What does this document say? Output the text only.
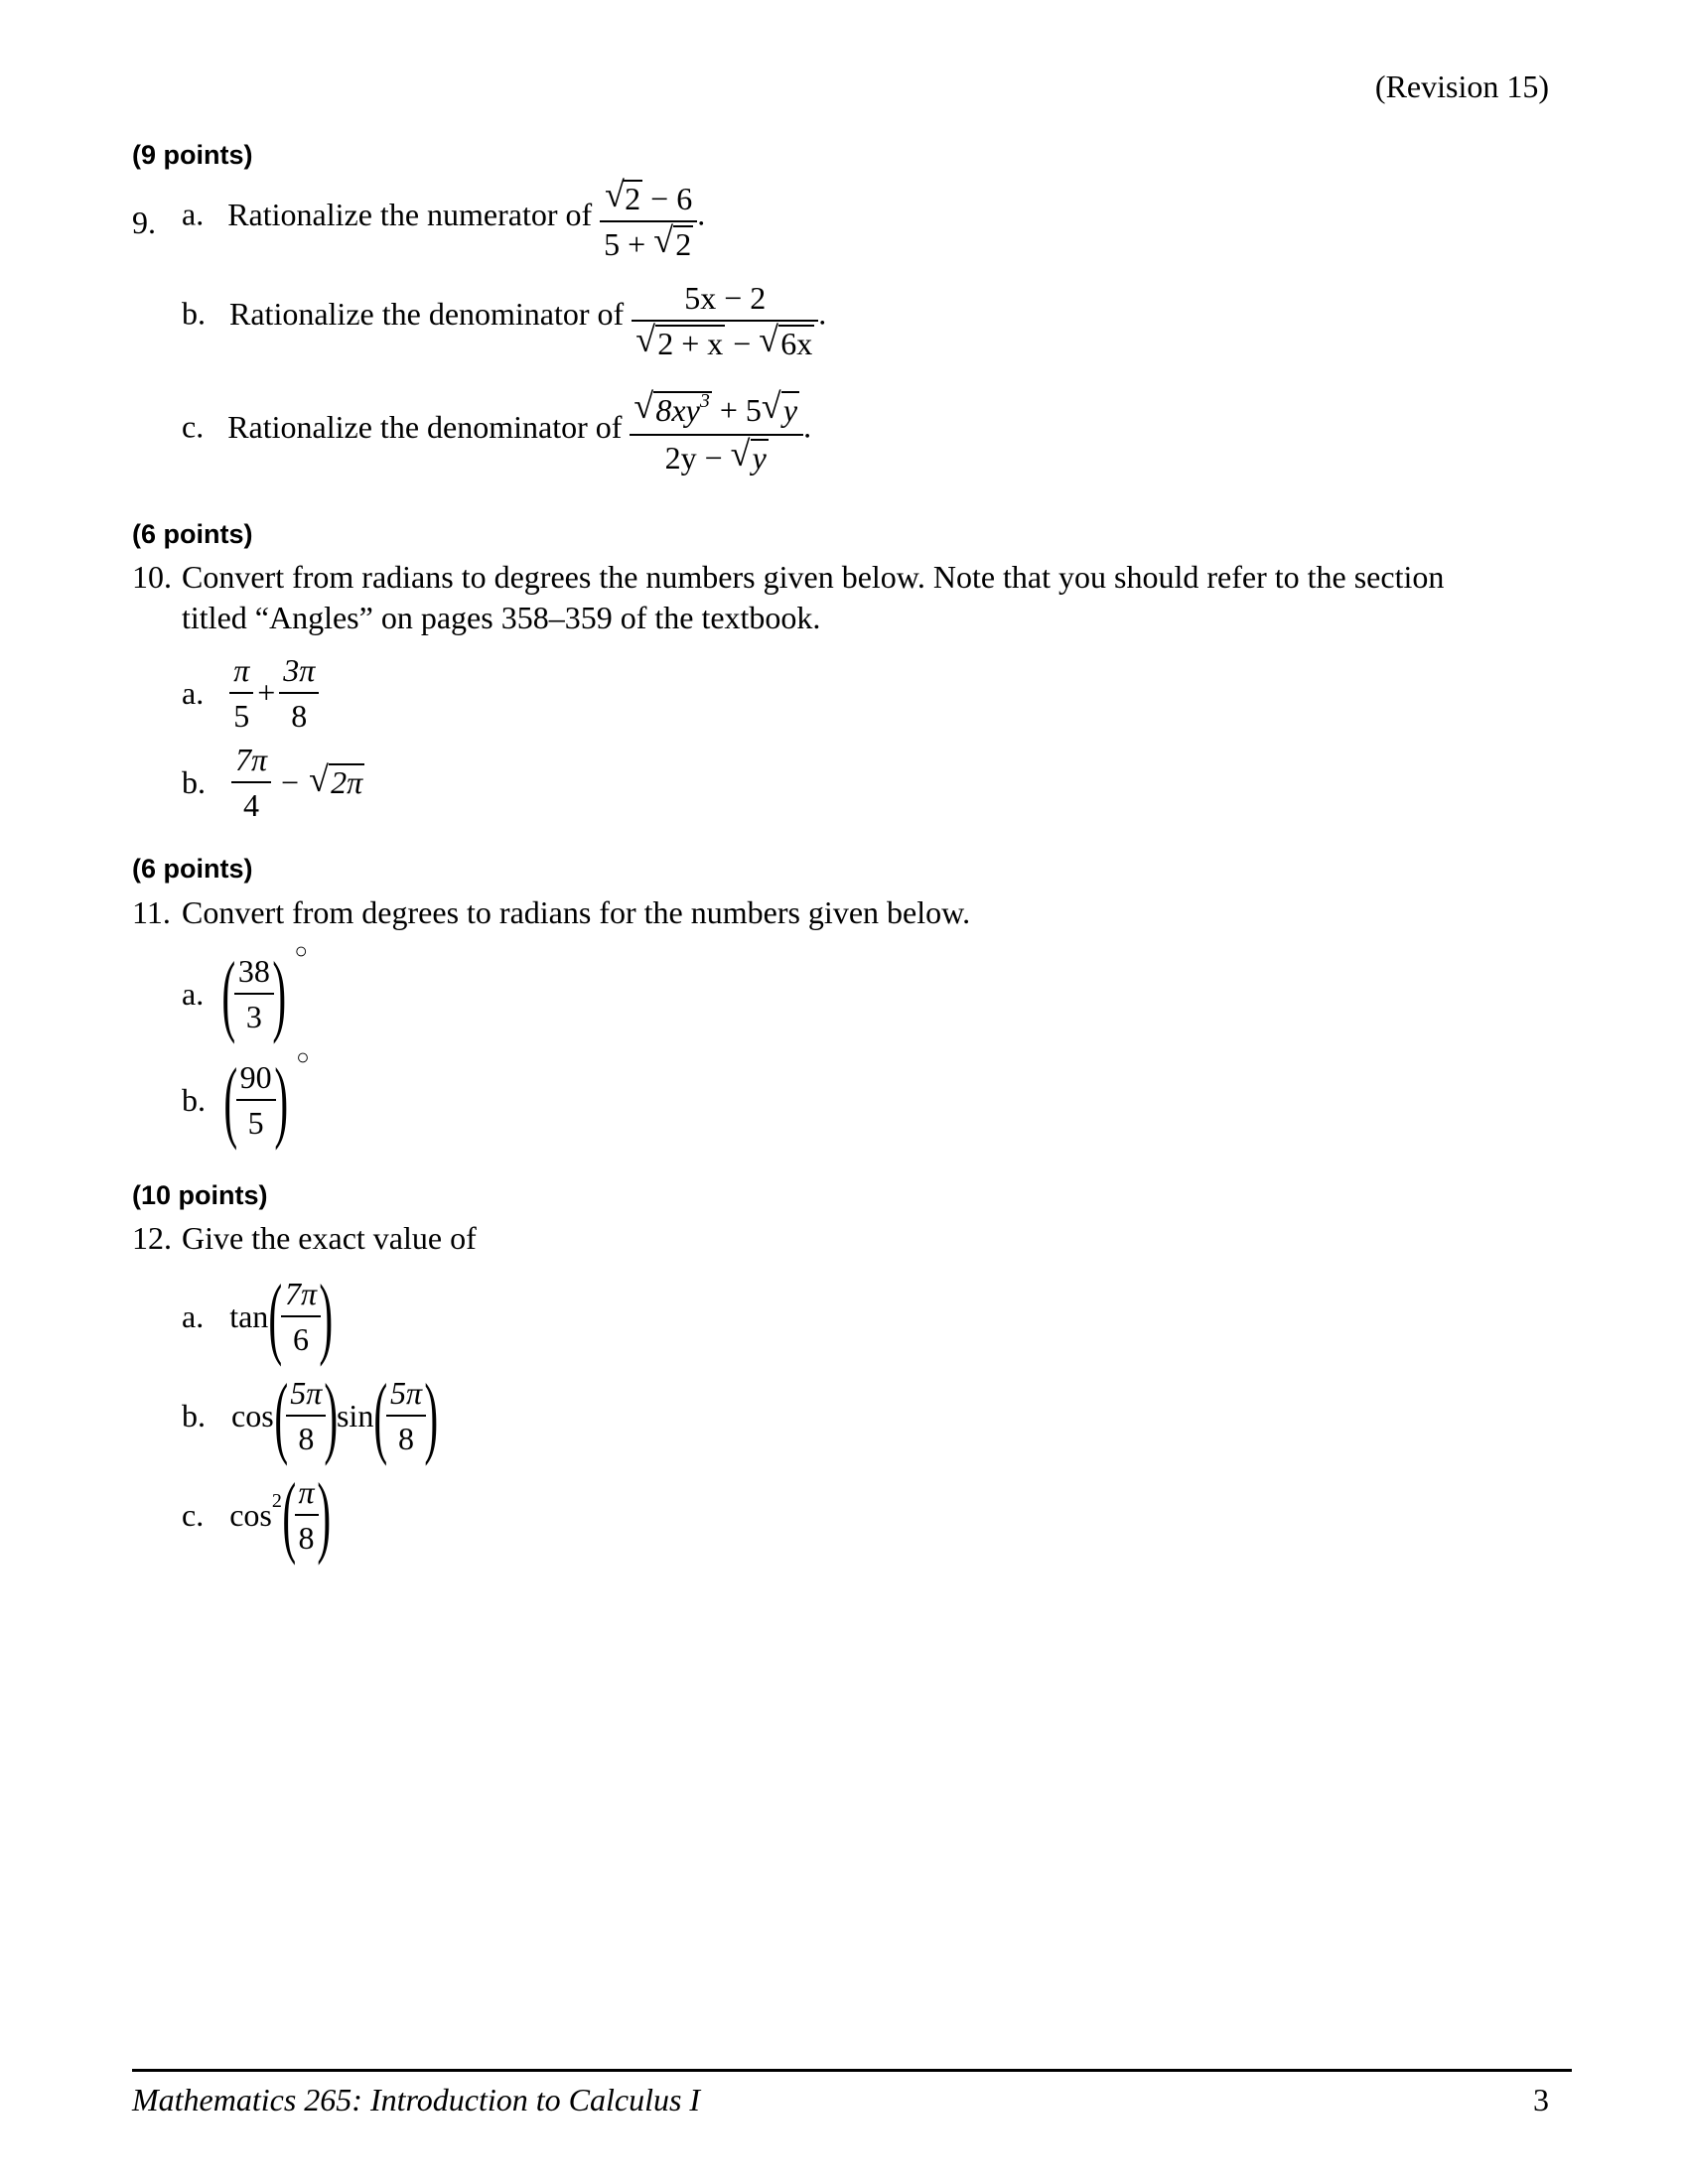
(Revision 15)
(9 points)
9. a. Rationalize the numerator of √ $\frac{2 - 6}{5 + √ 2}$ .
b. Rationalize the denominator of 5x − 2
√ 2 + x − √ 6x .
c. Rationalize the denominator of √ $\frac{8xy^3 + 5 √ y}{2y - √ y}$ .
(6 points)
10. Convert from radians to degrees the numbers given below. Note that you should refer to the section
titled “Angles” on pages 358–359 of the textbook.
a. $\frac{\pi}{5} + \frac{3\pi}{8}$
b. $\frac{7\pi}{4}$ − √ 2π
(6 points)
11. Convert from degrees to radians for the numbers given below.
a. (
$\frac{38}{3}$
) ○
b. (
$\frac{90}{5}$
) ○
(10 points)
12. Give the exact value of
a. tan(
$\frac{7\pi}{6}$
)
b. cos(
$\frac{5\pi}{8}$
)sin(
$\frac{5\pi}{8}$
)
c. cos2(
$\frac{\pi}{8}$
)
Mathematics 265: Introduction to Calculus I	3
